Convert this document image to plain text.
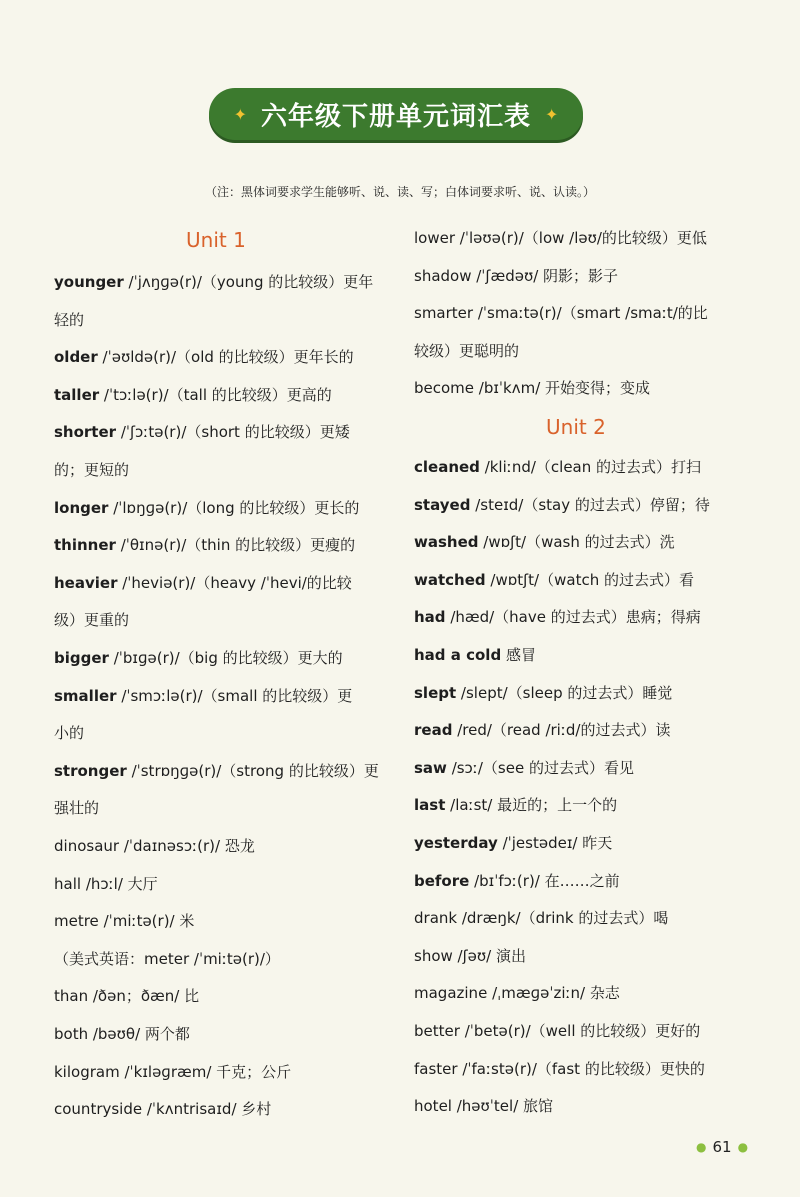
✦ 六年级下册单元词汇表 ✦
（注：黑体词要求学生能够听、说、读、写；白体词要求听、说、认读。）
Unit 1
younger /ˈjʌŋɡə(r)/（young 的比较级）更年
轻的
older /ˈəʊldə(r)/（old 的比较级）更年长的
taller /ˈtɔːlə(r)/（tall 的比较级）更高的
shorter /ˈʃɔːtə(r)/（short 的比较级）更矮
的；更短的
longer /ˈlɒŋɡə(r)/（long 的比较级）更长的
thinner /ˈθɪnə(r)/（thin 的比较级）更瘦的
heavier /ˈheviə(r)/（heavy /ˈhevi/的比较
级）更重的
bigger /ˈbɪɡə(r)/（big 的比较级）更大的
smaller /ˈsmɔːlə(r)/（small 的比较级）更
小的
stronger /ˈstrɒŋɡə(r)/（strong 的比较级）更
强壮的
dinosaur /ˈdaɪnəsɔː(r)/ 恐龙
hall /hɔːl/ 大厅
metre /ˈmiːtə(r)/ 米
（美式英语：meter /ˈmiːtə(r)/）
than /ðən；ðæn/ 比
both /bəʊθ/ 两个都
kilogram /ˈkɪləɡræm/ 千克；公斤
countryside /ˈkʌntrisaɪd/ 乡村
lower /ˈləʊə(r)/（low /ləʊ/的比较级）更低
shadow /ˈʃædəʊ/ 阴影；影子
smarter /ˈsmaːtə(r)/（smart /smaːt/的比
较级）更聪明的
become /bɪˈkʌm/ 开始变得；变成
Unit 2
cleaned /kliːnd/（clean 的过去式）打扫
stayed /steɪd/（stay 的过去式）停留；待
washed /wɒʃt/（wash 的过去式）洗
watched /wɒtʃt/（watch 的过去式）看
had /hæd/（have 的过去式）患病；得病
had a cold 感冒
slept /slept/（sleep 的过去式）睡觉
read /red/（read /riːd/的过去式）读
saw /sɔː/（see 的过去式）看见
last /laːst/ 最近的；上一个的
yesterday /ˈjestədeɪ/ 昨天
before /bɪˈfɔː(r)/ 在……之前
drank /dræŋk/（drink 的过去式）喝
show /ʃəʊ/ 演出
magazine /ˌmæɡəˈziːn/ 杂志
better /ˈbetə(r)/（well 的比较级）更好的
faster /ˈfaːstə(r)/（fast 的比较级）更快的
hotel /həʊˈtel/ 旅馆
● 61 ●
